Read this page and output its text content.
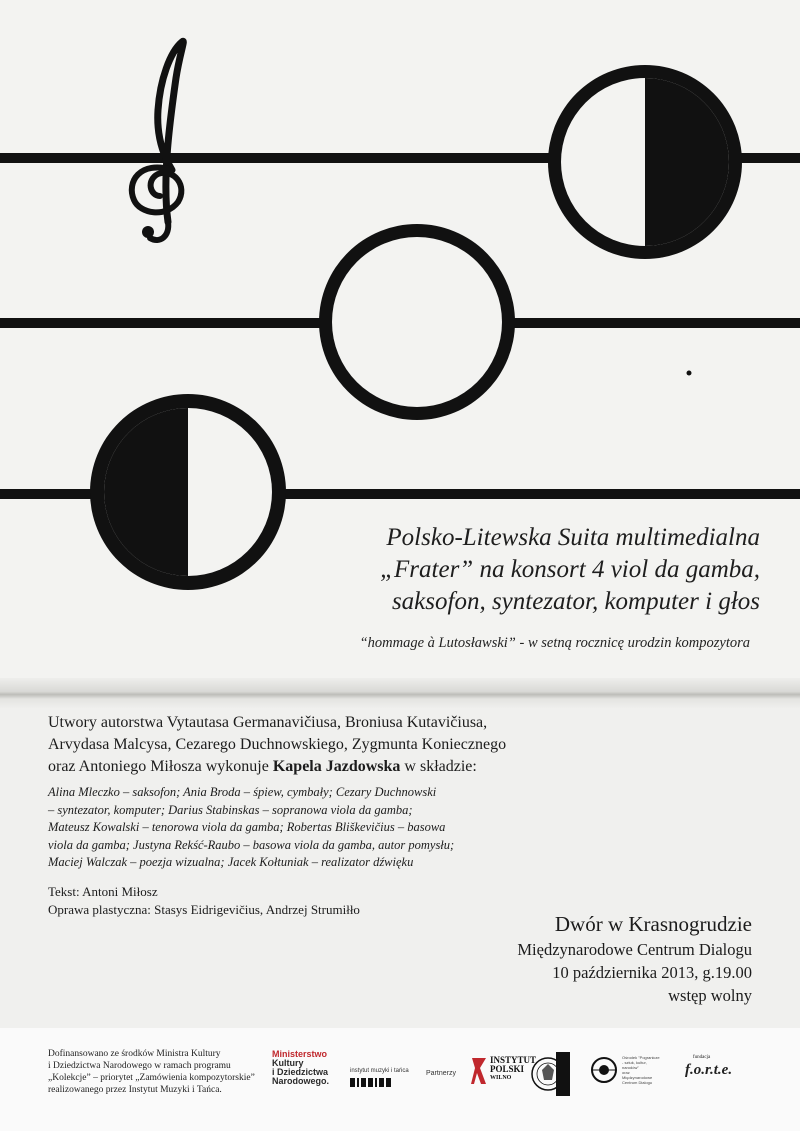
Polsko-Litewska Suita multimedialna
„Frater” na konsort 4 viol da gamba,
saksofon, syntezator, komputer i głos
“hommage à Lutosławski” - w setną rocznicę urodzin kompozytora
Utwory autorstwa Vytautasa Germanavičiusa, Broniusa Kutavičiusa,
Arvydasa Malcysa, Cezarego Duchnowskiego, Zygmunta Koniecznego
oraz Antoniego Miłosza wykonuje Kapela Jazdowska w składzie:
Alina Mleczko – saksofon; Ania Broda – śpiew, cymbały; Cezary Duchnowski
– syntezator, komputer; Darius Stabinskas – sopranowa viola da gamba;
Mateusz Kowalski – tenorowa viola da gamba; Robertas Bliškevičius – basowa
viola da gamba; Justyna Rekść-Raubo – basowa viola da gamba, autor pomysłu;
Maciej Walczak – poezja wizualna; Jacek Kołtuniak – realizator dźwięku
Tekst: Antoni Miłosz
Oprawa plastyczna: Stasys Eidrigevičius, Andrzej Strumiłło
Dwór w Krasnogrudzie
Międzynarodowe Centrum Dialogu
10 października 2013, g.19.00
wstęp wolny
Dofinansowano ze środków Ministra Kultury
i Dziedzictwa Narodowego w ramach programu
„Kolekcje” – priorytet „Zamówienia kompozytorskie”
realizowanego przez Instytut Muzyki i Tańca.
Ministerstwo
Kultury
i Dziedzictwa
Narodowego.
instytut muzyki i tańca Partnerzy
INSTYTUT
POLSKI
WILNO
Ośrodek "Pogranicze
- sztuk, kultur, narodów"
oraz
Międzynarodowe
Centrum Dialogu
fundacja
f.o.r.t.e.
